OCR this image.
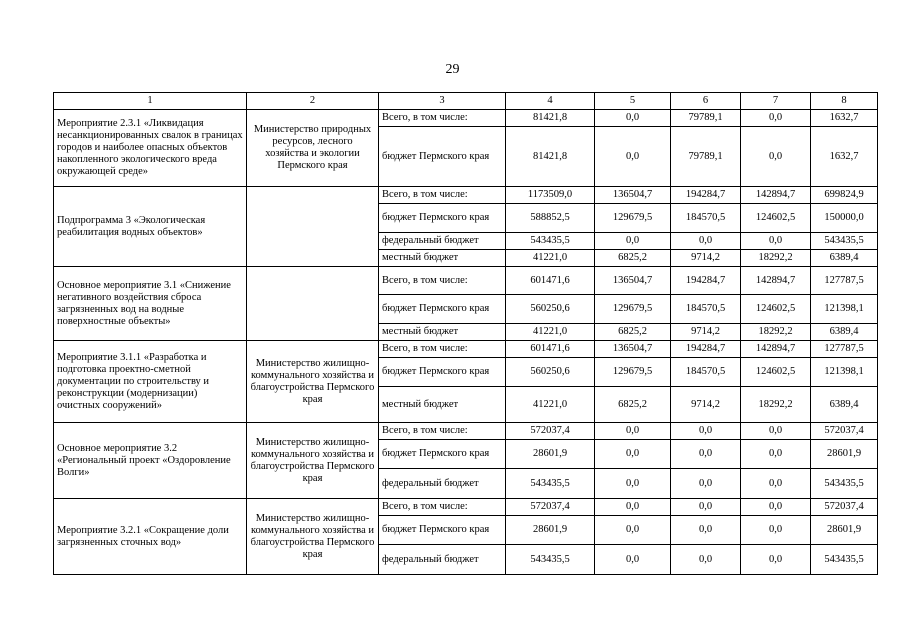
29
1	2	3	4	5	6	7	8
Мероприятие 2.3.1 «Ликвидация несанкционированных свалок в границах городов и наиболее опасных объектов накопленного экологического вреда окружающей среде»	Министерство природных ресурсов, лесного хозяйства и экологии Пермского края	Всего, в том числе:	81421,8	0,0	79789,1	0,0	1632,7
		бюджет Пермского края	81421,8	0,0	79789,1	0,0	1632,7
Подпрограмма 3 «Экологическая реабилитация водных объектов»		Всего, в том числе:	1173509,0	136504,7	194284,7	142894,7	699824,9
		бюджет Пермского края	588852,5	129679,5	184570,5	124602,5	150000,0
		федеральный бюджет	543435,5	0,0	0,0	0,0	543435,5
		местный бюджет	41221,0	6825,2	9714,2	18292,2	6389,4
Основное мероприятие 3.1 «Снижение негативного воздействия сброса загрязненных вод на водные поверхностные объекты»		Всего, в том числе:	601471,6	136504,7	194284,7	142894,7	127787,5
		бюджет Пермского края	560250,6	129679,5	184570,5	124602,5	121398,1
		местный бюджет	41221,0	6825,2	9714,2	18292,2	6389,4
Мероприятие 3.1.1 «Разработка и подготовка проектно-сметной документации по строительству и реконструкции (модернизации) очистных сооружений»	Министерство жилищно-коммунального хозяйства и благоустройства Пермского края	Всего, в том числе:	601471,6	136504,7	194284,7	142894,7	127787,5
		бюджет Пермского края	560250,6	129679,5	184570,5	124602,5	121398,1
		местный бюджет	41221,0	6825,2	9714,2	18292,2	6389,4
Основное мероприятие 3.2 «Региональный проект «Оздоровление Волги»	Министерство жилищно-коммунального хозяйства и благоустройства Пермского края	Всего, в том числе:	572037,4	0,0	0,0	0,0	572037,4
		бюджет Пермского края	28601,9	0,0	0,0	0,0	28601,9
		федеральный бюджет	543435,5	0,0	0,0	0,0	543435,5
Мероприятие 3.2.1 «Сокращение доли загрязненных сточных вод»	Министерство жилищно-коммунального хозяйства и благоустройства Пермского края	Всего, в том числе:	572037,4	0,0	0,0	0,0	572037,4
		бюджет Пермского края	28601,9	0,0	0,0	0,0	28601,9
		федеральный бюджет	543435,5	0,0	0,0	0,0	543435,5
